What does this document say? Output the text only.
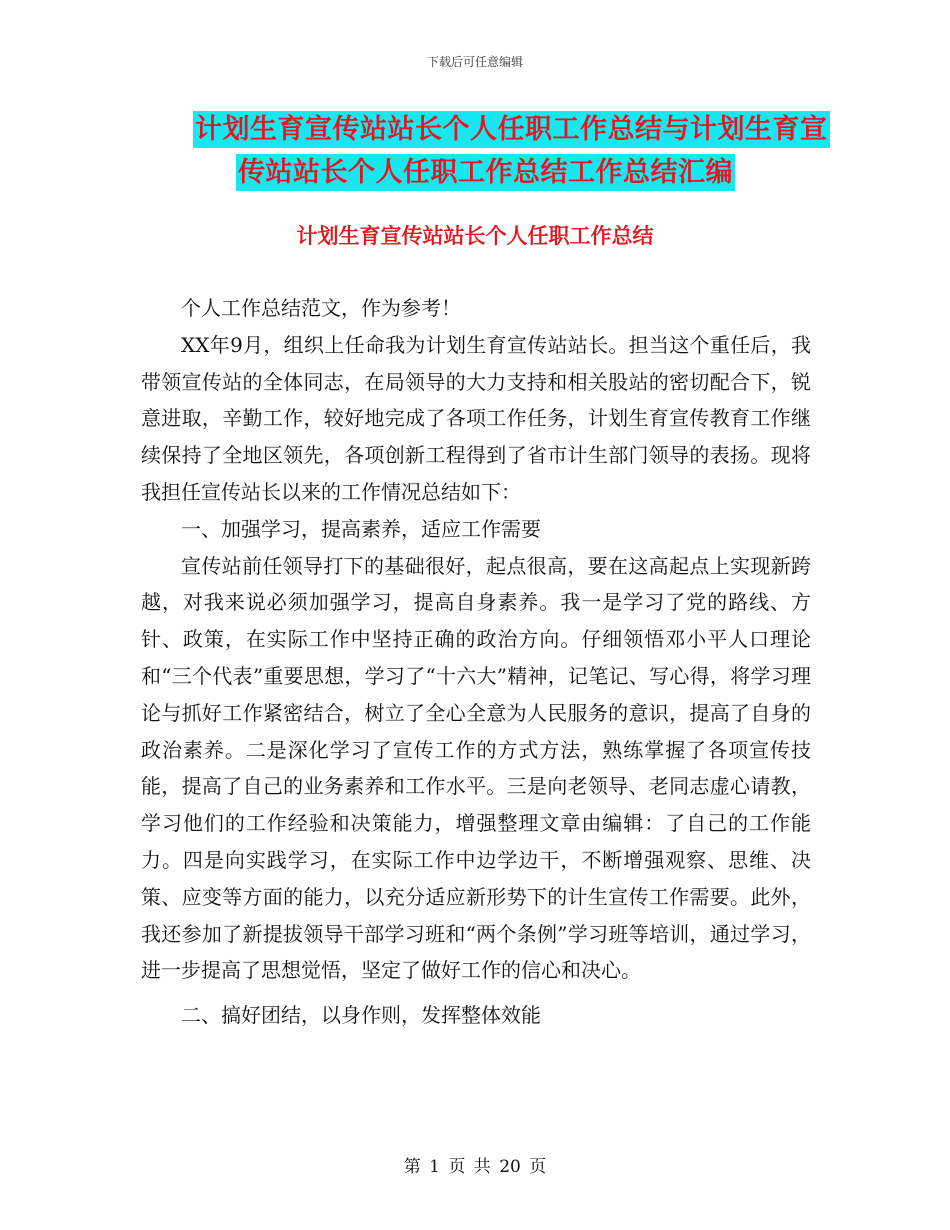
下载后可任意编辑
计划生育宣传站站长个人任职工作总结与计划生育宣
传站站长个人任职工作总结工作总结汇编
计划生育宣传站站长个人任职工作总结

个人工作总结范文，作为参考！

XX年9月，组织上任命我为计划生育宣传站站长。担当这个重任后，我带领宣传站的全体同志，在局领导的大力支持和相关股站的密切配合下，锐意进取，辛勤工作，较好地完成了各项工作任务，计划生育宣传教育工作继续保持了全地区领先，各项创新工程得到了省市计生部门领导的表扬。现将我担任宣传站长以来的工作情况总结如下：

一、加强学习，提高素养，适应工作需要

宣传站前任领导打下的基础很好，起点很高，要在这高起点上实现新跨越，对我来说必须加强学习，提高自身素养。我一是学习了党的路线、方针、政策，在实际工作中坚持正确的政治方向。仔细领悟邓小平人口理论和“三个代表”重要思想，学习了“十六大”精神，记笔记、写心得，将学习理论与抓好工作紧密结合，树立了全心全意为人民服务的意识，提高了自身的政治素养。二是深化学习了宣传工作的方式方法，熟练掌握了各项宣传技能，提高了自己的业务素养和工作水平。三是向老领导、老同志虚心请教，学习他们的工作经验和决策能力，增强整理文章由编辑：了自己的工作能力。四是向实践学习，在实际工作中边学边干，不断增强观察、思维、决策、应变等方面的能力，以充分适应新形势下的计生宣传工作需要。此外，我还参加了新提拔领导干部学习班和“两个条例”学习班等培训，通过学习，进一步提高了思想觉悟，坚定了做好工作的信心和决心。

二、搞好团结，以身作则，发挥整体效能

第 1 页 共 20 页
